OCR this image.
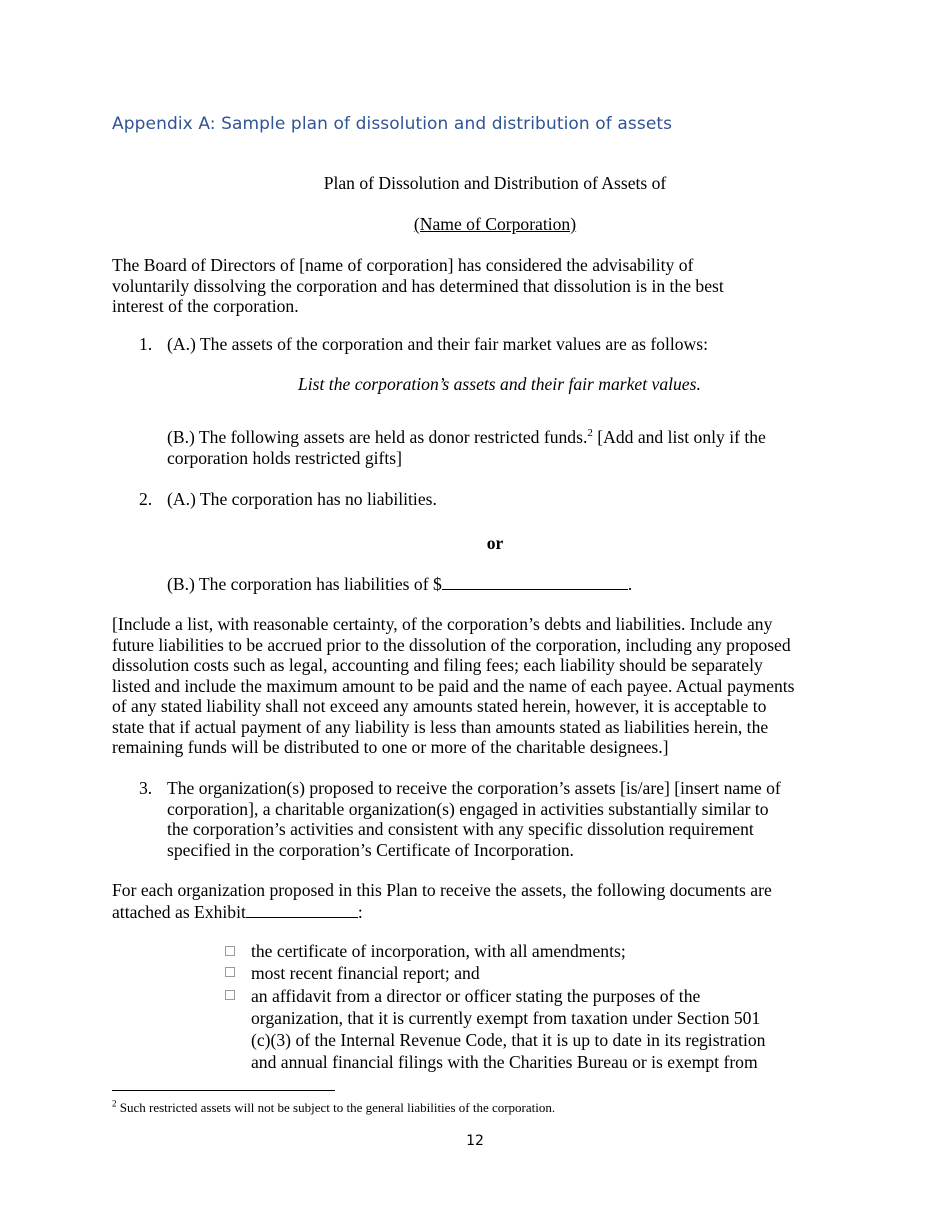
Appendix A: Sample plan of dissolution and distribution of assets
Plan of Dissolution and Distribution of Assets of
(Name of Corporation)
The Board of Directors of [name of corporation] has considered the advisability of
voluntarily dissolving the corporation and has determined that dissolution is in the best
interest of the corporation.
1. (A.) The assets of the corporation and their fair market values are as follows:
List the corporation’s assets and their fair market values.
(B.) The following assets are held as donor restricted funds.$^2$ [Add and list only if the
corporation holds restricted gifts]
2. (A.) The corporation has no liabilities.
or
(B.) The corporation has liabilities of $	.
[Include a list, with reasonable certainty, of the corporation’s debts and liabilities. Include any
future liabilities to be accrued prior to the dissolution of the corporation, including any proposed
dissolution costs such as legal, accounting and filing fees; each liability should be separately
listed and include the maximum amount to be paid and the name of each payee. Actual payments
of any stated liability shall not exceed any amounts stated herein, however, it is acceptable to
state that if actual payment of any liability is less than amounts stated as liabilities herein, the
remaining funds will be distributed to one or more of the charitable designees.]
3. The organization(s) proposed to receive the corporation’s assets [is/are] [insert name of
corporation], a charitable organization(s) engaged in activities substantially similar to
the corporation’s activities and consistent with any specific dissolution requirement
specified in the corporation’s Certificate of Incorporation.
For each organization proposed in this Plan to receive the assets, the following documents are
attached as Exhibit	:
the certificate of incorporation, with all amendments;
most recent financial report; and
an affidavit from a director or officer stating the purposes of the
organization, that it is currently exempt from taxation under Section 501
(c)(3) of the Internal Revenue Code, that it is up to date in its registration
and annual financial filings with the Charities Bureau or is exempt from
$^2$ Such restricted assets will not be subject to the general liabilities of the corporation.
12
